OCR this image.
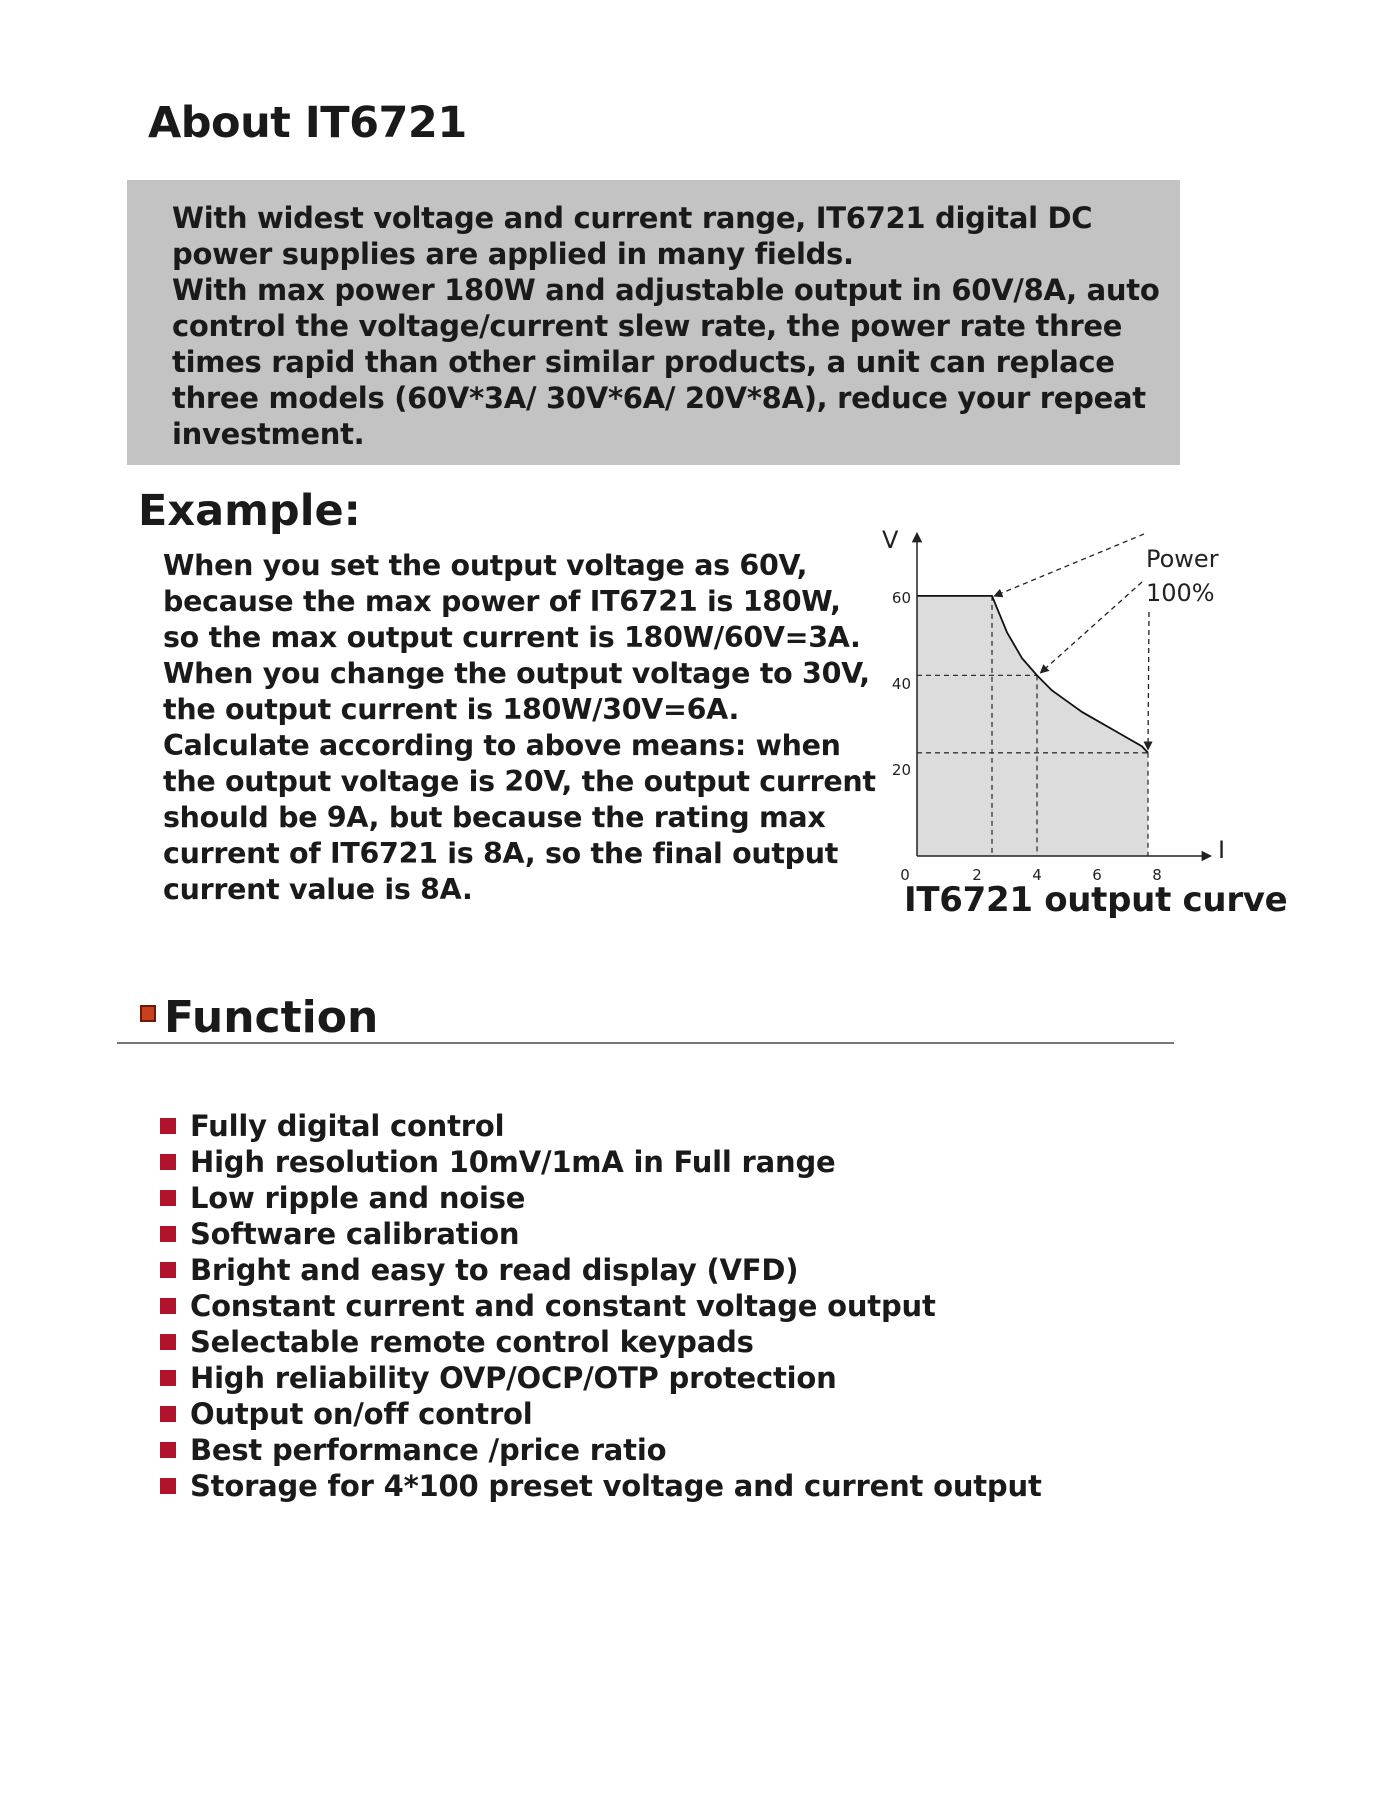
About IT6721

With widest voltage and current range, IT6721 digital DC power supplies are applied in many fields.

With max power 180W and adjustable output in 60V/8A, auto control the voltage/current slew rate, the power rate three times rapid than other similar products, a unit can replace three models (60V*3A/ 30V*6A/ 20V*8A), reduce your repeat investment.

Example:
When you set the output voltage as 60V,
because the max power of IT6721 is 180W,
so the max output current is 180W/60V=3A.
When you change the output voltage to 30V,
the output current is 180W/30V=6A.
Calculate according to above means: when
the output voltage is 20V, the output current
should be 9A, but because the rating max
current of IT6721 is 8A, so the final output
current value is 8A.
V
I
0	2	4	6	8
20
40
60
Power
100%
IT6721 output curve
Function
Fully digital control
High resolution 10mV/1mA in Full range
Low ripple and noise
Software calibration
Bright and easy to read display (VFD)
Constant current and constant voltage output
Selectable remote control keypads
High reliability OVP/OCP/OTP protection
Output on/off control
Best performance /price ratio
Storage for 4*100 preset voltage and current output
